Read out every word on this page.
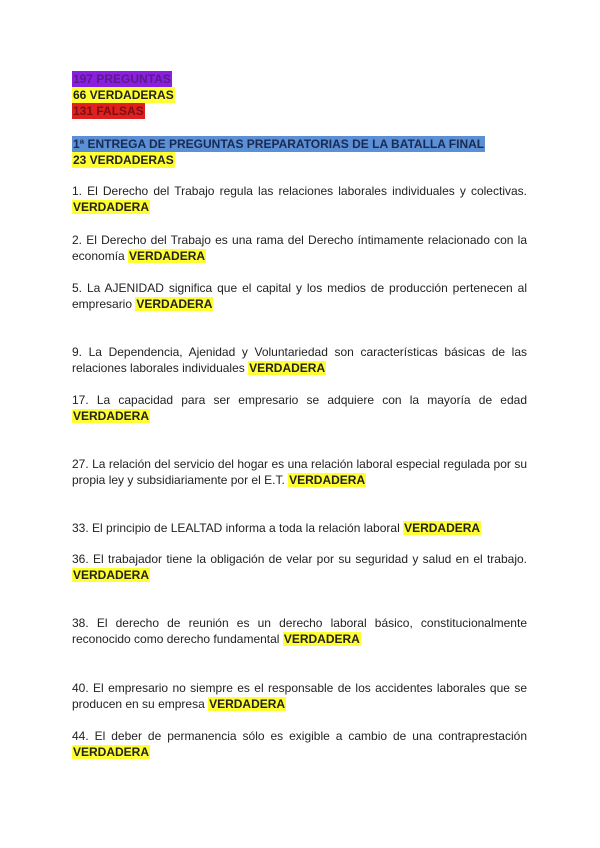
197 PREGUNTAS
66 VERDADERAS
131 FALSAS
1ª ENTREGA DE PREGUNTAS PREPARATORIAS DE LA BATALLA FINAL
23 VERDADERAS
1. El Derecho del Trabajo regula las relaciones laborales individuales y colectivas. VERDADERA
2. El Derecho del Trabajo es una rama del Derecho íntimamente relacionado con la economía VERDADERA
5. La AJENIDAD significa que el capital y los medios de producción pertenecen al empresario VERDADERA
9. La Dependencia, Ajenidad y Voluntariedad son características básicas de las relaciones laborales individuales VERDADERA
17. La capacidad para ser empresario se adquiere con la mayoría de edad VERDADERA
27. La relación del servicio del hogar es una relación laboral especial regulada por su propia ley y subsidiariamente por el E.T. VERDADERA
33. El principio de LEALTAD informa a toda la relación laboral VERDADERA
36. El trabajador tiene la obligación de velar por su seguridad y salud en el trabajo. VERDADERA
38. El derecho de reunión es un derecho laboral básico, constitucionalmente reconocido como derecho fundamental VERDADERA
40. El empresario no siempre es el responsable de los accidentes laborales que se producen en su empresa VERDADERA
44. El deber de permanencia sólo es exigible a cambio de una contraprestación VERDADERA
